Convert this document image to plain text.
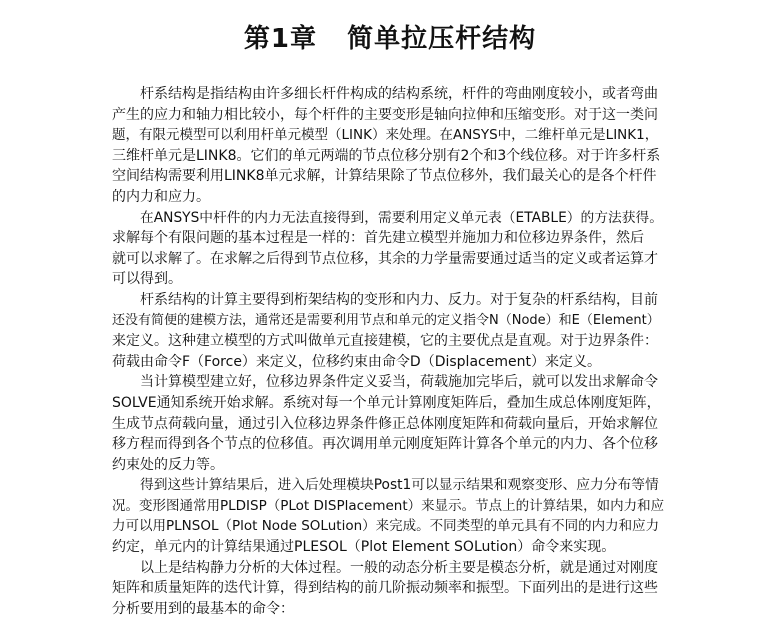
第1章   简单拉压杆结构
杆系结构是指结构由许多细长杆件构成的结构系统，杆件的弯曲刚度较小，或者弯曲
产生的应力和轴力相比较小，每个杆件的主要变形是轴向拉伸和压缩变形。对于这一类问
题，有限元模型可以利用杆单元模型（LINK）来处理。在ANSYS中，二维杆单元是LINK1，
三维杆单元是LINK8。它们的单元两端的节点位移分别有2个和3个线位移。对于许多杆系
空间结构需要利用LINK8单元求解，计算结果除了节点位移外，我们最关心的是各个杆件
的内力和应力。
在ANSYS中杆件的内力无法直接得到，需要利用定义单元表（ETABLE）的方法获得。
求解每个有限问题的基本过程是一样的：首先建立模型并施加力和位移边界条件，然后
就可以求解了。在求解之后得到节点位移，其余的力学量需要通过适当的定义或者运算才
可以得到。
杆系结构的计算主要得到桁架结构的变形和内力、反力。对于复杂的杆系结构，目前
还没有简便的建模方法，通常还是需要利用节点和单元的定义指令N（Node）和E（Element）
来定义。这种建立模型的方式叫做单元直接建模，它的主要优点是直观。对于边界条件：
荷载由命令F（Force）来定义，位移约束由命令D（Displacement）来定义。
当计算模型建立好，位移边界条件定义妥当，荷载施加完毕后，就可以发出求解命令
SOLVE通知系统开始求解。系统对每一个单元计算刚度矩阵后，叠加生成总体刚度矩阵，
生成节点荷载向量，通过引入位移边界条件修正总体刚度矩阵和荷载向量后，开始求解位
移方程而得到各个节点的位移值。再次调用单元刚度矩阵计算各个单元的内力、各个位移
约束处的反力等。
得到这些计算结果后，进入后处理模块Post1可以显示结果和观察变形、应力分布等情
况。变形图通常用PLDISP（PLot DISPlacement）来显示。节点上的计算结果，如内力和应
力可以用PLNSOL（Plot Node SOLution）来完成。不同类型的单元具有不同的内力和应力
约定，单元内的计算结果通过PLESOL（Plot Element SOLution）命令来实现。
以上是结构静力分析的大体过程。一般的动态分析主要是模态分析，就是通过对刚度
矩阵和质量矩阵的迭代计算，得到结构的前几阶振动频率和振型。下面列出的是进行这些
分析要用到的最基本的命令：
